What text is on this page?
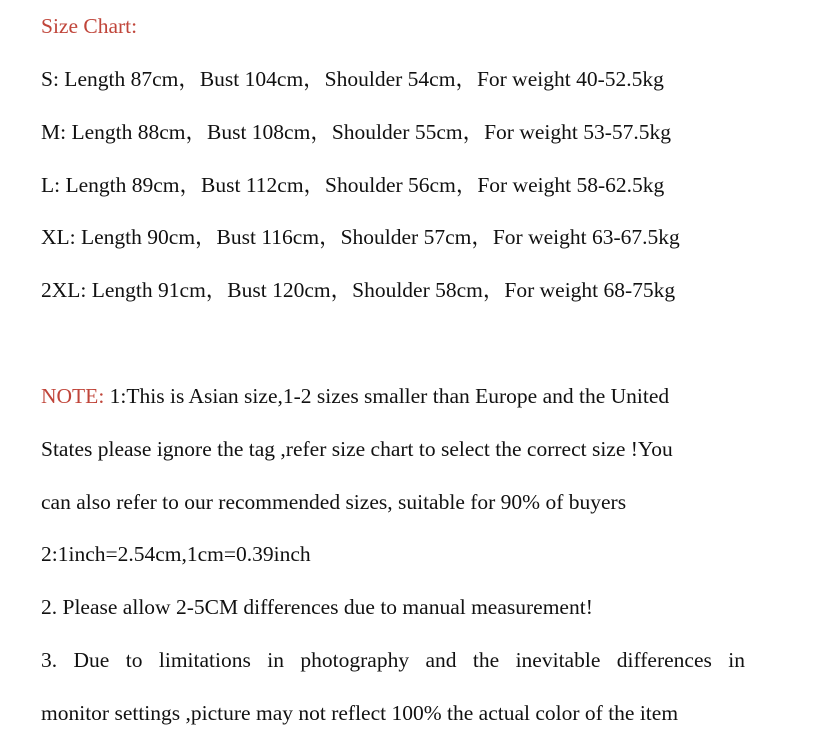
Size Chart:
S: Length 87cm，Bust 104cm，Shoulder 54cm，For weight 40-52.5kg
M: Length 88cm，Bust 108cm，Shoulder 55cm，For weight 53-57.5kg
L: Length 89cm，Bust 112cm，Shoulder 56cm，For weight 58-62.5kg
XL: Length 90cm，Bust 116cm，Shoulder 57cm，For weight 63-67.5kg
2XL: Length 91cm，Bust 120cm，Shoulder 58cm，For weight 68-75kg
NOTE: 1:This is Asian size,1-2 sizes smaller than Europe and the United
States please ignore the tag ,refer size chart to select the correct size !You
can also refer to our recommended sizes, suitable for 90% of buyers
2:1inch=2.54cm,1cm=0.39inch
2. Please allow 2-5CM differences due to manual measurement!
3. Due to limitations in photography and the inevitable differences in
monitor settings ,picture may not reflect 100% the actual color of the item
